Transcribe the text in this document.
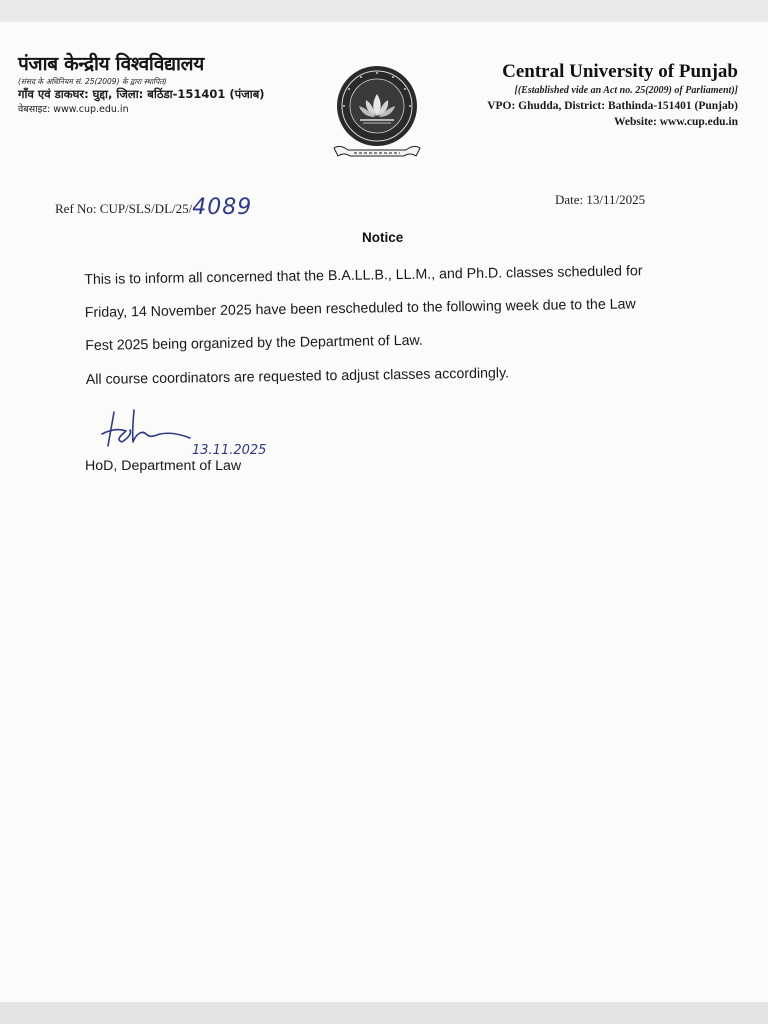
पंजाब केन्द्रीय विश्वविद्यालय
(संसद के अधिनियम सं. 25(2009) के द्वारा स्थापित)
गाँव एवं डाकघर: घुद्दा, जिला: बठिंडा-151401 (पंजाब)
वेबसाइट: www.cup.edu.in
Central University of Punjab
[(Established vide an Act no. 25(2009) of Parliament)]
VPO: Ghudda, District: Bathinda-151401 (Punjab)
Website: www.cup.edu.in
Ref No: CUP/SLS/DL/25/4089	Date: 13/11/2025
Notice
This is to inform all concerned that the B.A.LL.B., LL.M., and Ph.D. classes scheduled for
Friday, 14 November 2025 have been rescheduled to the following week due to the Law
Fest 2025 being organized by the Department of Law.
All course coordinators are requested to adjust classes accordingly.
13.11.2025
HoD, Department of Law
